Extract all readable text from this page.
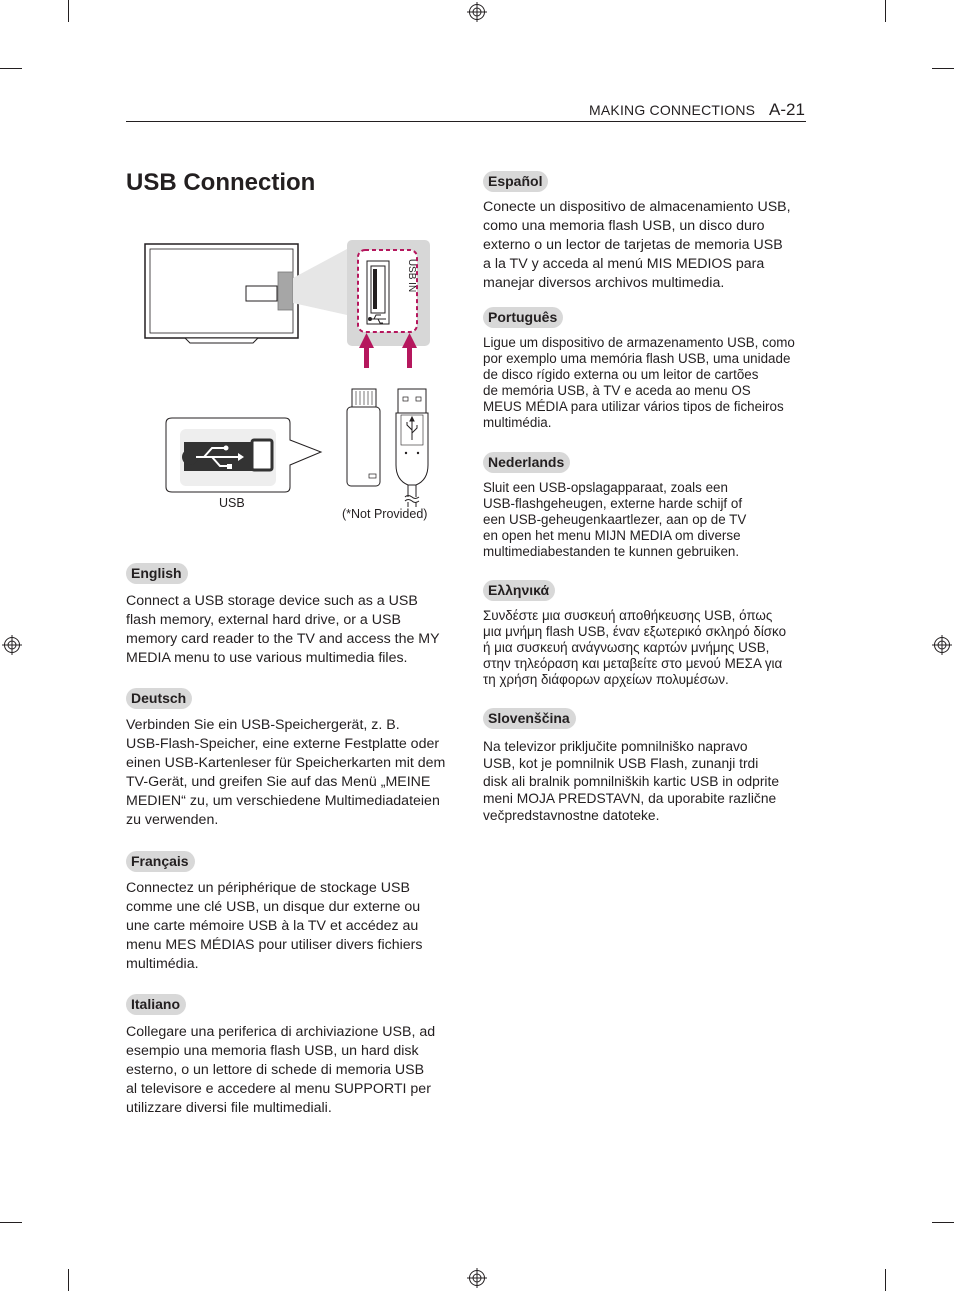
MAKING CONNECTIONS A-21
USB Connection
USB IN
USB
(*Not Provided)
English

Connect a USB storage device such as a USB
flash memory, external hard drive, or a USB
memory card reader to the TV and access the MY
MEDIA menu to use various multimedia files.

Deutsch

Verbinden Sie ein USB-Speichergerät, z. B.
USB-Flash-Speicher, eine externe Festplatte oder
einen USB-Kartenleser für Speicherkarten mit dem
TV-Gerät, und greifen Sie auf das Menü „MEINE
MEDIEN“ zu, um verschiedene Multimediadateien
zu verwenden.

Français

Connectez un périphérique de stockage USB
comme une clé USB, un disque dur externe ou
une carte mémoire USB à la TV et accédez au
menu MES MÉDIAS pour utiliser divers fichiers
multimédia.

Italiano

Collegare una periferica di archiviazione USB, ad
esempio una memoria flash USB, un hard disk
esterno, o un lettore di schede di memoria USB
al televisore e accedere al menu SUPPORTI per
utilizzare diversi file multimediali.

Español

Conecte un dispositivo de almacenamiento USB,
como una memoria flash USB, un disco duro
externo o un lector de tarjetas de memoria USB
a la TV y acceda al menú MIS MEDIOS para
manejar diversos archivos multimedia.

Português

Ligue um dispositivo de armazenamento USB, como
por exemplo uma memória flash USB, uma unidade
de disco rígido externa ou um leitor de cartões
de memória USB, à TV e aceda ao menu OS
MEUS MÉDIA para utilizar vários tipos de ficheiros
multimédia.

Nederlands

Sluit een USB-opslagapparaat, zoals een
USB-flashgeheugen, externe harde schijf of
een USB-geheugenkaartlezer, aan op de TV
en open het menu MIJN MEDIA om diverse
multimediabestanden te kunnen gebruiken.

Ελληνικά

Συνδέστε μια συσκευή αποθήκευσης USB, όπως
μια μνήμη flash USB, έναν εξωτερικό σκληρό δίσκο
ή μια συσκευή ανάγνωσης καρτών μνήμης USB,
στην τηλεόραση και μεταβείτε στο μενού ΜΕΣΑ για
τη χρήση διάφορων αρχείων πολυμέσων.

Slovenščina

Na televizor priključite pomnilniško napravo
USB, kot je pomnilnik USB Flash, zunanji trdi
disk ali bralnik pomnilniških kartic USB in odprite
meni MOJA PREDSTAVN, da uporabite različne
večpredstavnostne datoteke.
